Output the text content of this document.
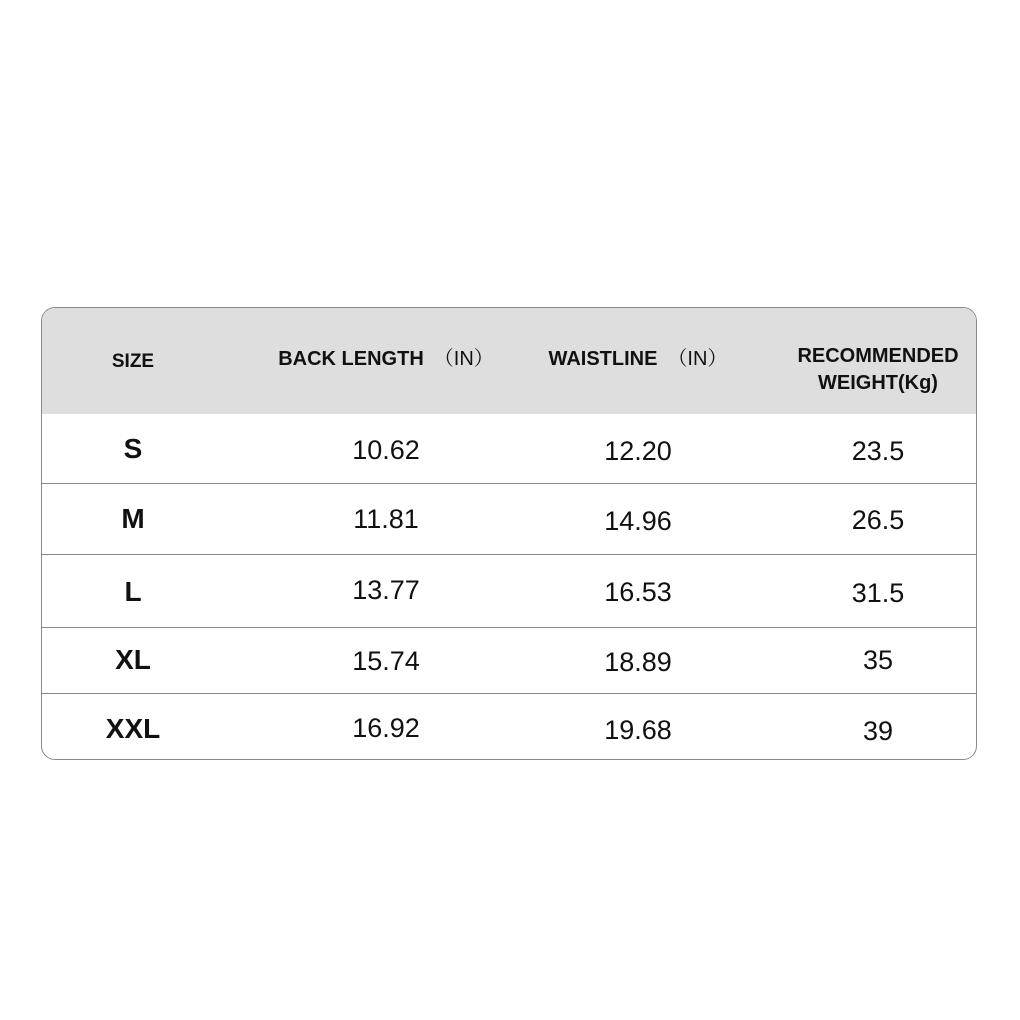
SIZE	BACK LENGTH （IN）	WAISTLINE （IN）	RECOMMENDED
WEIGHT(Kg)
S	10.62	12.20	23.5
M	11.81	14.96	26.5
L	13.77	16.53	31.5
XL	15.74	18.89	35
XXL	16.92	19.68	39
